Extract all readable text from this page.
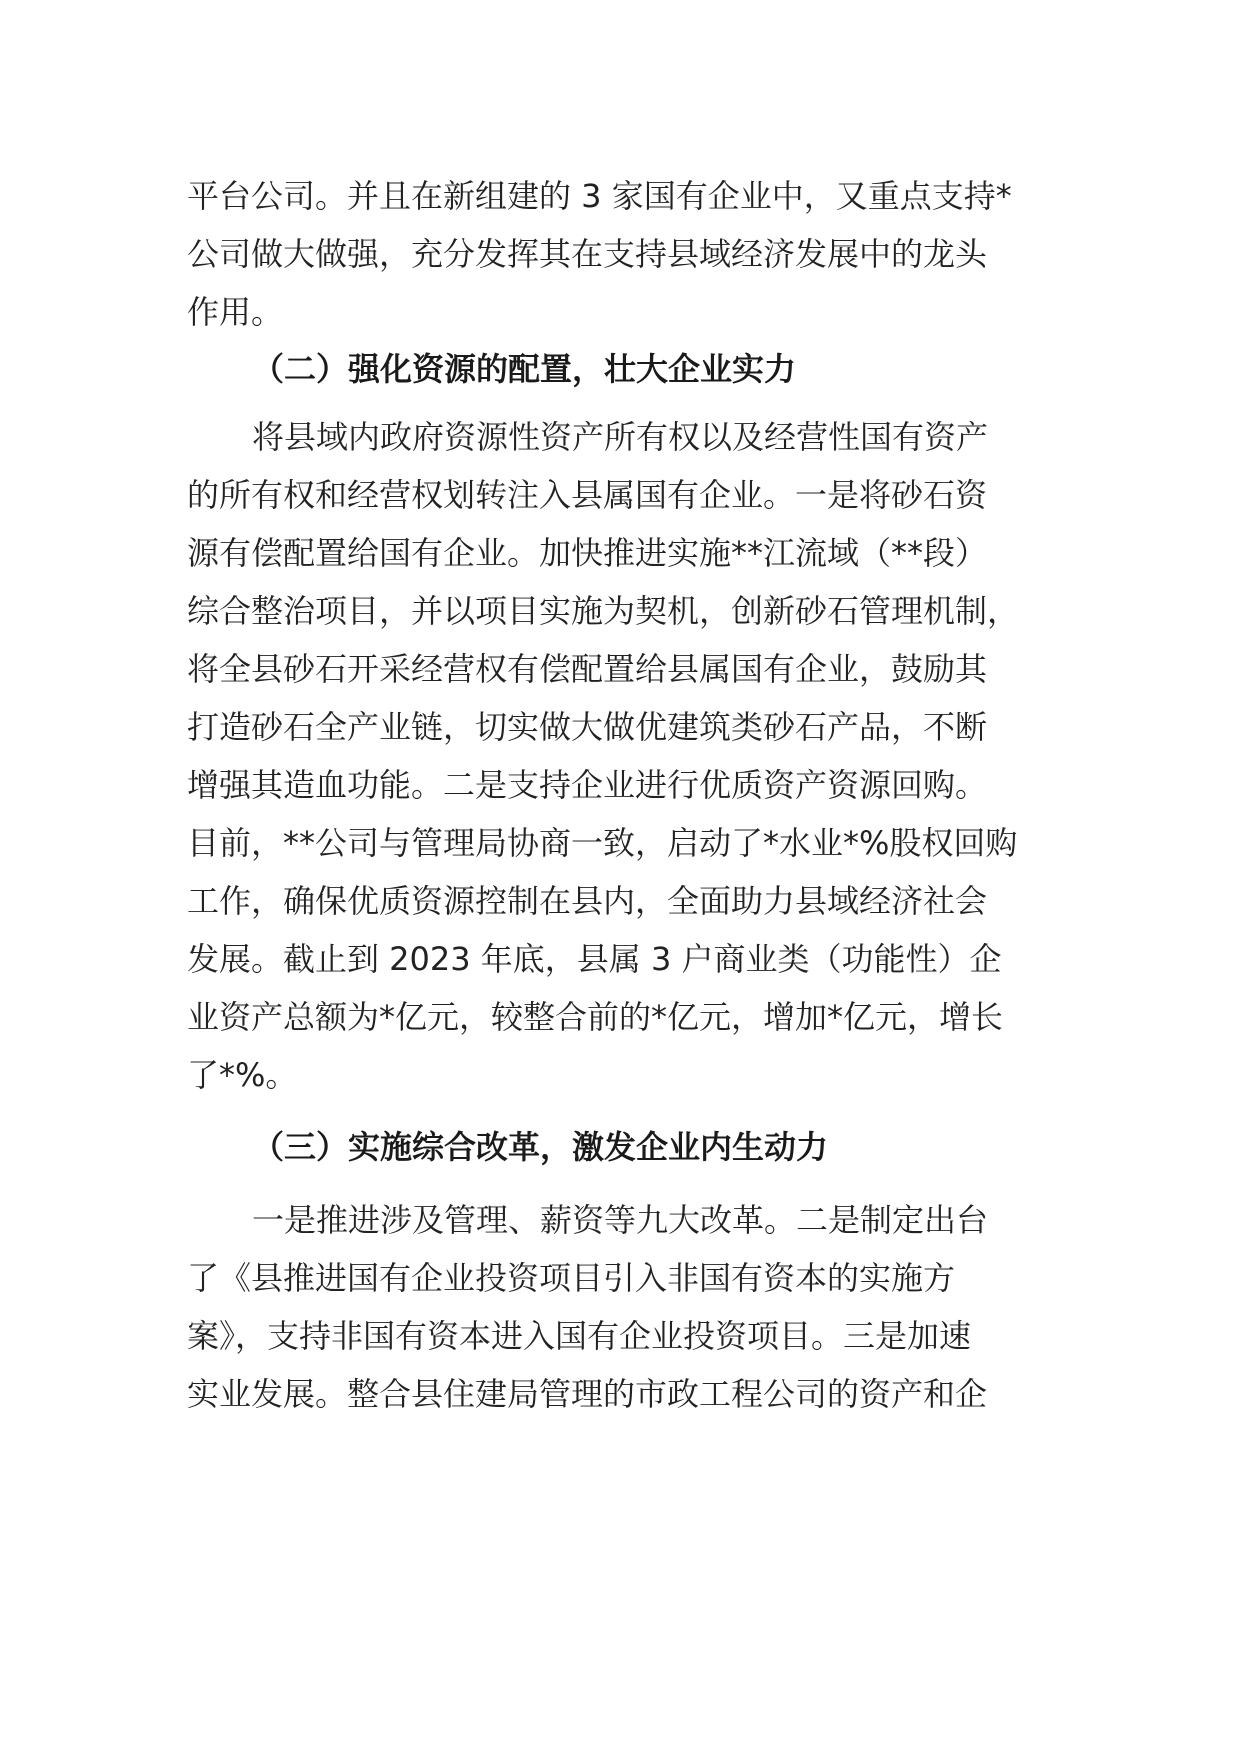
平台公司。并且在新组建的 3 家国有企业中，又重点支持*

公司做大做强，充分发挥其在支持县域经济发展中的龙头

作用。

（二）强化资源的配置，壮大企业实力

将县域内政府资源性资产所有权以及经营性国有资产

的所有权和经营权划转注入县属国有企业。一是将砂石资

源有偿配置给国有企业。加快推进实施**江流域（**段）

综合整治项目，并以项目实施为契机，创新砂石管理机制，

将全县砂石开采经营权有偿配置给县属国有企业，鼓励其

打造砂石全产业链，切实做大做优建筑类砂石产品，不断

增强其造血功能。二是支持企业进行优质资产资源回购。

目前，**公司与管理局协商一致，启动了*水业*%股权回购

工作，确保优质资源控制在县内，全面助力县域经济社会

发展。截止到 2023 年底，县属 3 户商业类（功能性）企

业资产总额为*亿元，较整合前的*亿元，增加*亿元，增长

了*%。

（三）实施综合改革，激发企业内生动力

一是推进涉及管理、薪资等九大改革。二是制定出台

了《县推进国有企业投资项目引入非国有资本的实施方

案》，支持非国有资本进入国有企业投资项目。三是加速

实业发展。整合县住建局管理的市政工程公司的资产和企
